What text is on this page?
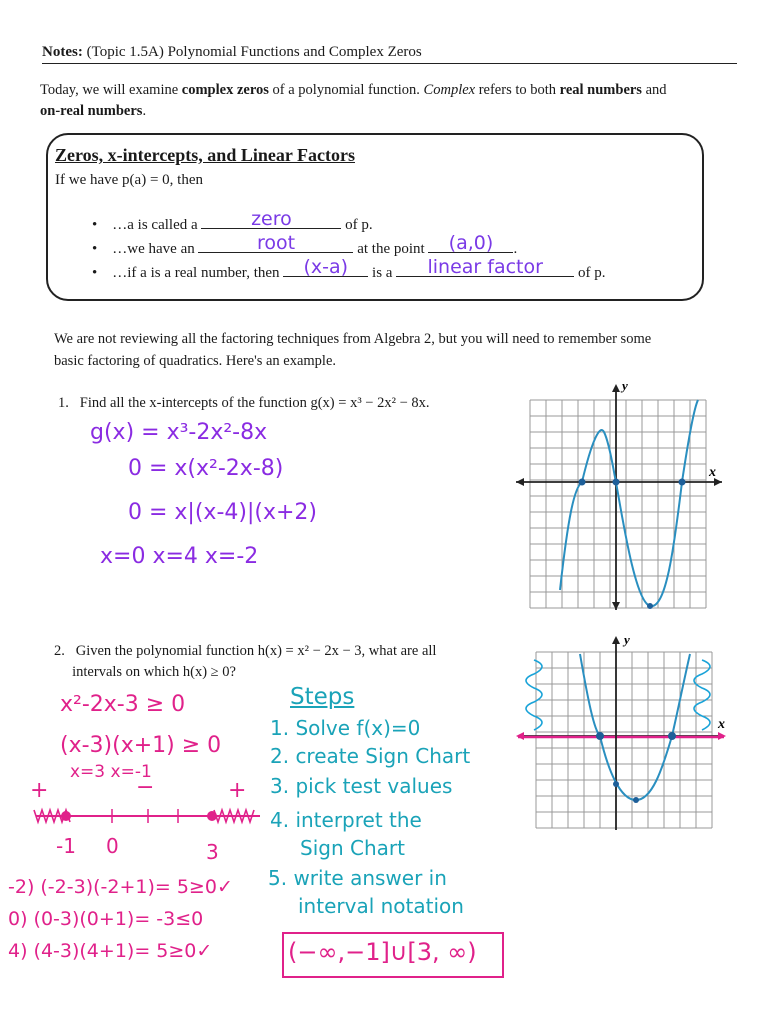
Notes: (Topic 1.5A) Polynomial Functions and Complex Zeros
Today, we will examine complex zeros of a polynomial function. Complex refers to both real numbers and
on-real numbers.
Zeros, x-intercepts, and Linear Factors
If we have p(a) = 0, then
•    …a is called a	zero	of p.
•    …we have an	root	at the point	(a,0)	.
•    …if a is a real number, then	(x-a)	is a	linear factor	of p.
We are not reviewing all the factoring techniques from Algebra 2, but you will need to remember some
basic factoring of quadratics. Here's an example.
1. Find all the x-intercepts of the function g(x) = x³ − 2x² − 8x.
g(x) = x³-2x²-8x
0 = x(x²-2x-8)
0 = x|(x-4)|(x+2)
x=0 x=4 x=-2
y
x
2. Given the polynomial function h(x) = x² − 2x − 3, what are all
intervals on which h(x) ≥ 0?
x²-2x-3 ≥ 0
(x-3)(x+1) ≥ 0
x=3 x=-1
+	−	+
-1 0	3
-2) (-2-3)(-2+1)= 5≥0✓
0) (0-3)(0+1)= -3≤0
4) (4-3)(4+1)= 5≥0✓
Steps
1. Solve f(x)=0
2. create Sign Chart
3. pick test values
4. interpret the
Sign Chart
5. write answer in
interval notation
(−∞,−1]∪[3, ∞)
y
x
